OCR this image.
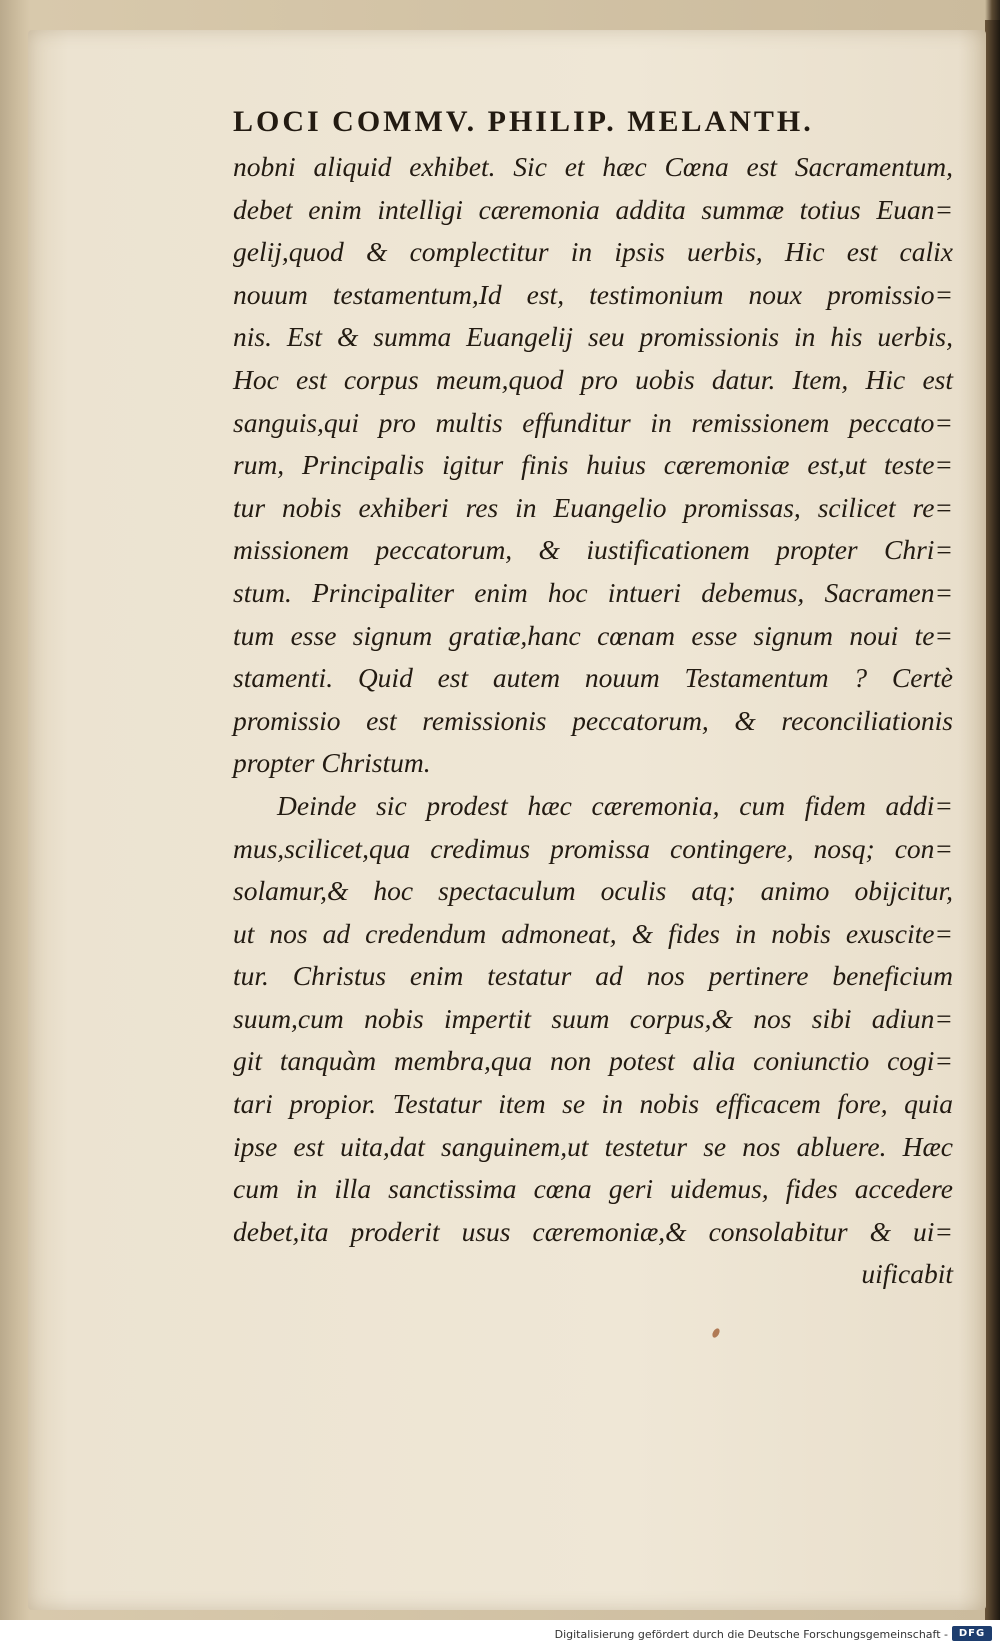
LOCI COMMV. PHILIP. MELANTH.
nobni aliquid exhibet. Sic et hæc Cœna est Sacramentum,
debet enim intelligi cæremonia addita summæ totius Euan=
gelij,quod & complectitur in ipsis uerbis, Hic est calix
nouum testamentum,Id est, testimonium noux promissio=
nis. Est & summa Euangelij seu promissionis in his uerbis,
Hoc est corpus meum,quod pro uobis datur. Item, Hic est
sanguis,qui pro multis effunditur in remissionem peccato=
rum, Principalis igitur finis huius cæremoniæ est,ut teste=
tur nobis exhiberi res in Euangelio promissas, scilicet re=
missionem peccatorum, & iustificationem propter Chri=
stum. Principaliter enim hoc intueri debemus, Sacramen=
tum esse signum gratiæ,hanc cœnam esse signum noui te=
stamenti. Quid est autem nouum Testamentum ? Certè
promissio est remissionis peccatorum, & reconciliationis
propter Christum.
Deinde sic prodest hæc cæremonia, cum fidem addi=
mus,scilicet,qua credimus promissa contingere, nosq; con=
solamur,& hoc spectaculum oculis atq; animo obijcitur,
ut nos ad credendum admoneat, & fides in nobis exuscite=
tur. Christus enim testatur ad nos pertinere beneficium
suum,cum nobis impertit suum corpus,& nos sibi adiun=
git tanquàm membra,qua non potest alia coniunctio cogi=
tari propior. Testatur item se in nobis efficacem fore, quia
ipse est uita,dat sanguinem,ut testetur se nos abluere. Hæc
cum in illa sanctissima cœna geri uidemus, fides accedere
debet,ita proderit usus cæremoniæ,& consolabitur & ui=
uificabit
Digitalisierung gefördert durch die Deutsche Forschungsgemeinschaft -	DFG
